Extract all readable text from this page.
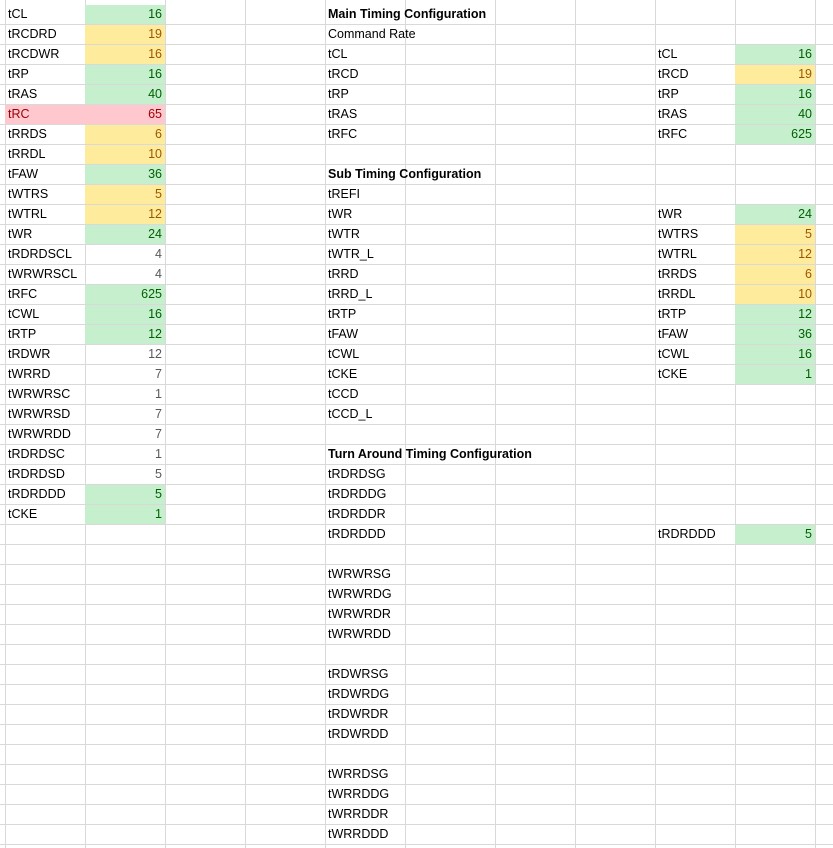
tCL	16
tRCDRD	19
tRCDWR	16
tRP	16
tRAS	40
tRC	65
tRRDS	6
tRRDL	10
tFAW	36
tWTRS	5
tWTRL	12
tWR	24
tRDRDSCL	4
tWRWRSCL	4
tRFC	625
tCWL	16
tRTP	12
tRDWR	12
tWRRD	7
tWRWRSC	1
tWRWRSD	7
tWRWRDD	7
tRDRDSC	1
tRDRDSD	5
tRDRDDD	5
tCKE	1
Main Timing Configuration
Command Rate
tCL
tRCD
tRP
tRAS
tRFC
Sub Timing Configuration
tREFI
tWR
tWTR
tWTR_L
tRRD
tRRD_L
tRTP
tFAW
tCWL
tCKE
tCCD
tCCD_L
Turn Around Timing Configuration
tRDRDSG
tRDRDDG
tRDRDDR
tRDRDDD
tWRWRSG
tWRWRDG
tWRWRDR
tWRWRDD
tRDWRSG
tRDWRDG
tRDWRDR
tRDWRDD
tWRRDSG
tWRRDDG
tWRRDDR
tWRRDDD
tCL	16
tRCD	19
tRP	16
tRAS	40
tRFC	625
tWR	24
tWTRS	5
tWTRL	12
tRRDS	6
tRRDL	10
tRTP	12
tFAW	36
tCWL	16
tCKE	1
tRDRDDD	5
